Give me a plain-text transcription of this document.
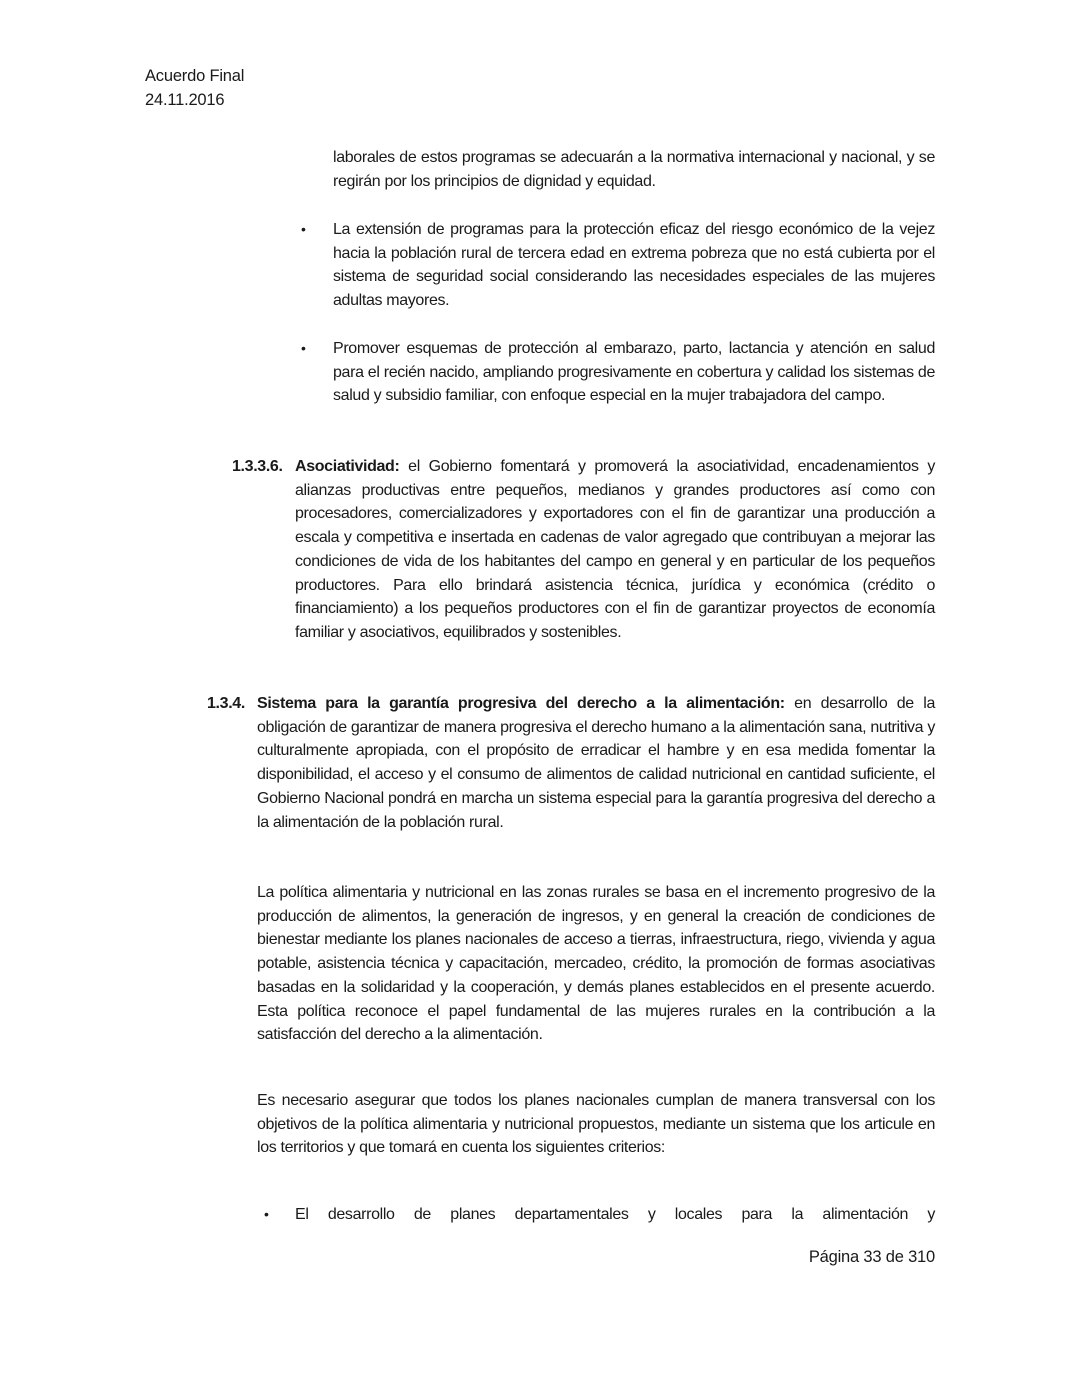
Acuerdo Final
24.11.2016

laborales de estos programas se adecuarán a la normativa internacional y nacional, y se regirán por los principios de dignidad y equidad.

• La extensión de programas para la protección eficaz del riesgo económico de la vejez hacia la población rural de tercera edad en extrema pobreza que no está cubierta por el sistema de seguridad social considerando las necesidades especiales de las mujeres adultas mayores.

• Promover esquemas de protección al embarazo, parto, lactancia y atención en salud para el recién nacido, ampliando progresivamente en cobertura y calidad los sistemas de salud y subsidio familiar, con enfoque especial en la mujer trabajadora del campo.

1.3.3.6. Asociatividad: el Gobierno fomentará y promoverá la asociatividad, encadenamientos y alianzas productivas entre pequeños, medianos y grandes productores así como con procesadores, comercializadores y exportadores con el fin de garantizar una producción a escala y competitiva e insertada en cadenas de valor agregado que contribuyan a mejorar las condiciones de vida de los habitantes del campo en general y en particular de los pequeños productores. Para ello brindará asistencia técnica, jurídica y económica (crédito o financiamiento) a los pequeños productores con el fin de garantizar proyectos de economía familiar y asociativos, equilibrados y sostenibles.

1.3.4. Sistema para la garantía progresiva del derecho a la alimentación: en desarrollo de la obligación de garantizar de manera progresiva el derecho humano a la alimentación sana, nutritiva y culturalmente apropiada, con el propósito de erradicar el hambre y en esa medida fomentar la disponibilidad, el acceso y el consumo de alimentos de calidad nutricional en cantidad suficiente, el Gobierno Nacional pondrá en marcha un sistema especial para la garantía progresiva del derecho a la alimentación de la población rural.

La política alimentaria y nutricional en las zonas rurales se basa en el incremento progresivo de la producción de alimentos, la generación de ingresos, y en general la creación de condiciones de bienestar mediante los planes nacionales de acceso a tierras, infraestructura, riego, vivienda y agua potable, asistencia técnica y capacitación, mercadeo, crédito, la promoción de formas asociativas basadas en la solidaridad y la cooperación, y demás planes establecidos en el presente acuerdo. Esta política reconoce el papel fundamental de las mujeres rurales en la contribución a la satisfacción del derecho a la alimentación.

Es necesario asegurar que todos los planes nacionales cumplan de manera transversal con los objetivos de la política alimentaria y nutricional propuestos, mediante un sistema que los articule en los territorios y que tomará en cuenta los siguientes criterios:

• El desarrollo de planes departamentales y locales para la alimentación y

Página 33 de 310
